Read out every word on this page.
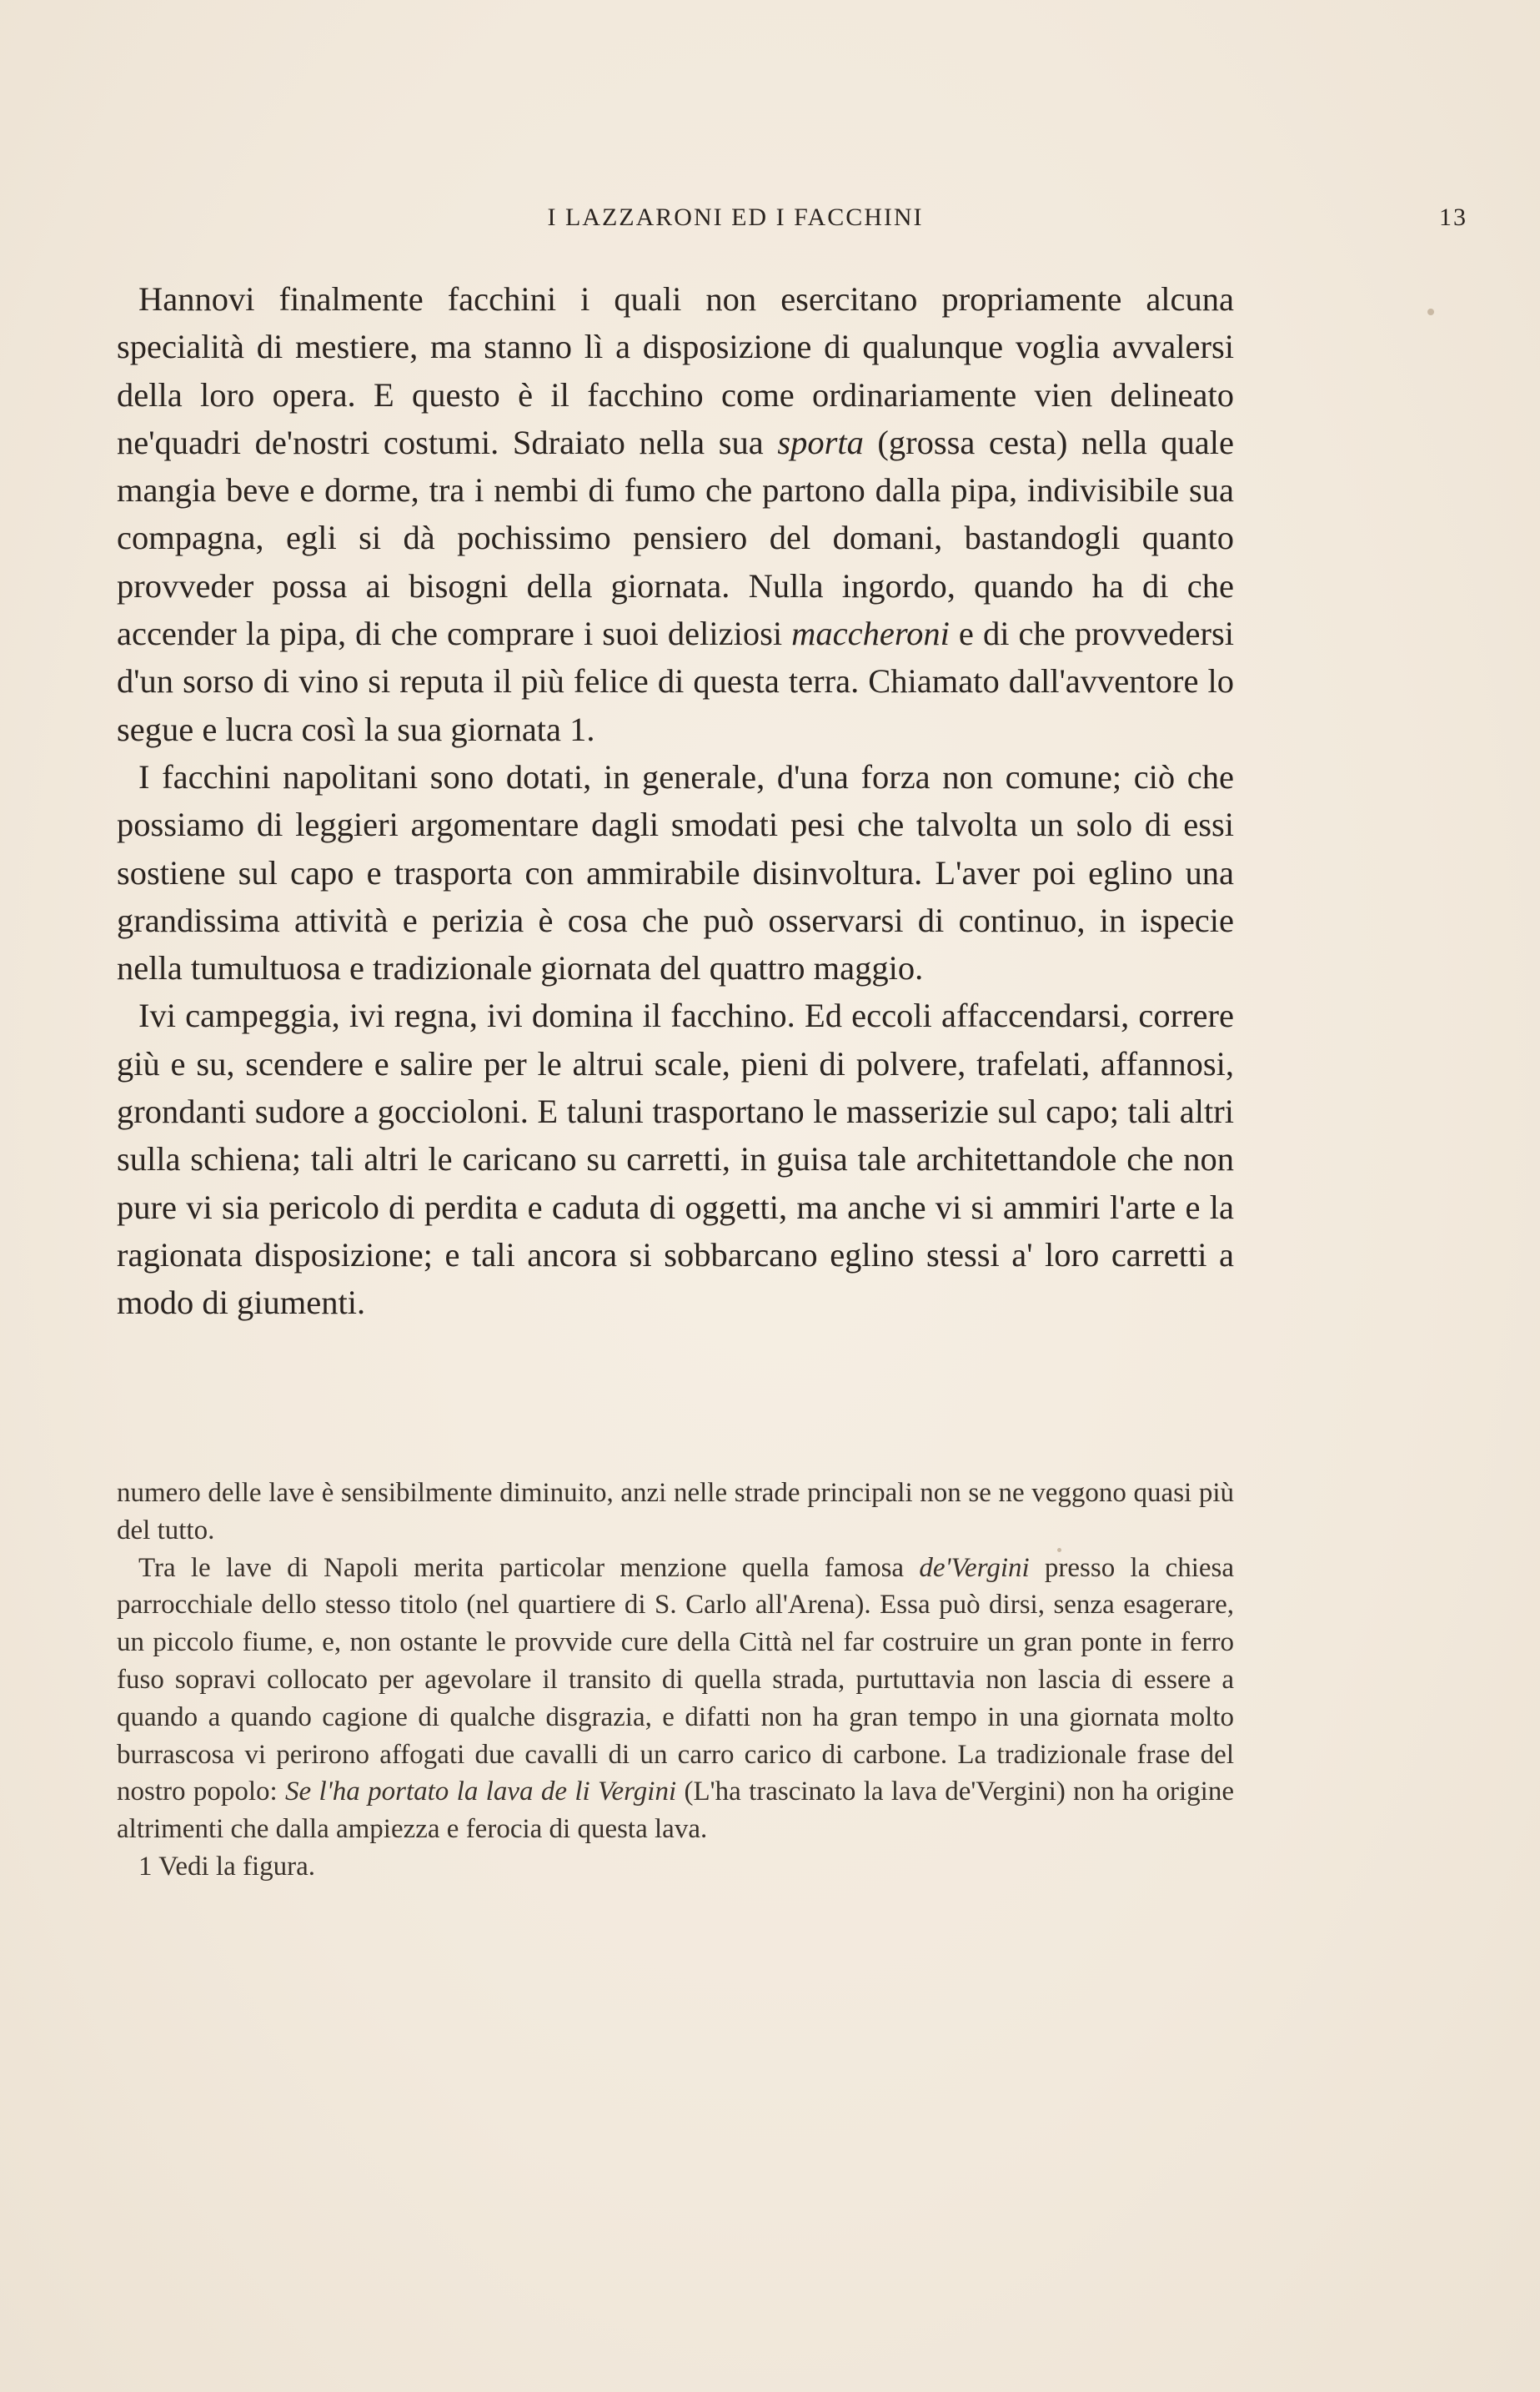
I LAZZARONI ED I FACCHINI	13

Hannovi finalmente facchini i quali non esercitano propriamente alcuna specialità di mestiere, ma stanno lì a disposizione di qualunque voglia avvalersi della loro opera. E questo è il facchino come ordinariamente vien delineato ne'quadri de'nostri costumi. Sdraiato nella sua sporta (grossa cesta) nella quale mangia beve e dorme, tra i nembi di fumo che partono dalla pipa, indivisibile sua compagna, egli si dà pochissimo pensiero del domani, bastandogli quanto provveder possa ai bisogni della giornata. Nulla ingordo, quando ha di che accender la pipa, di che comprare i suoi deliziosi maccheroni e di che provvedersi d'un sorso di vino si reputa il più felice di questa terra. Chiamato dall'avventore lo segue e lucra così la sua giornata 1.

I facchini napolitani sono dotati, in generale, d'una forza non comune; ciò che possiamo di leggieri argomentare dagli smodati pesi che talvolta un solo di essi sostiene sul capo e trasporta con ammirabile disinvoltura. L'aver poi eglino una grandissima attività e perizia è cosa che può osservarsi di continuo, in ispecie nella tumultuosa e tradizionale giornata del quattro maggio.

Ivi campeggia, ivi regna, ivi domina il facchino. Ed eccoli affaccendarsi, correre giù e su, scendere e salire per le altrui scale, pieni di polvere, trafelati, affannosi, grondanti sudore a goccioloni. E taluni trasportano le masserizie sul capo; tali altri sulla schiena; tali altri le caricano su carretti, in guisa tale architettandole che non pure vi sia pericolo di perdita e caduta di oggetti, ma anche vi si ammiri l'arte e la ragionata disposizione; e tali ancora si sobbarcano eglino stessi a' loro carretti a modo di giumenti.

numero delle lave è sensibilmente diminuito, anzi nelle strade principali non se ne veggono quasi più del tutto.

Tra le lave di Napoli merita particolar menzione quella famosa de'Vergini presso la chiesa parrocchiale dello stesso titolo (nel quartiere di S. Carlo all'Arena). Essa può dirsi, senza esagerare, un piccolo fiume, e, non ostante le provvide cure della Città nel far costruire un gran ponte in ferro fuso sopravi collocato per agevolare il transito di quella strada, purtuttavia non lascia di essere a quando a quando cagione di qualche disgrazia, e difatti non ha gran tempo in una giornata molto burrascosa vi perirono affogati due cavalli di un carro carico di carbone. La tradizionale frase del nostro popolo: Se l'ha portato la lava de li Vergini (L'ha trascinato la lava de'Vergini) non ha origine altrimenti che dalla ampiezza e ferocia di questa lava.

1 Vedi la figura.
